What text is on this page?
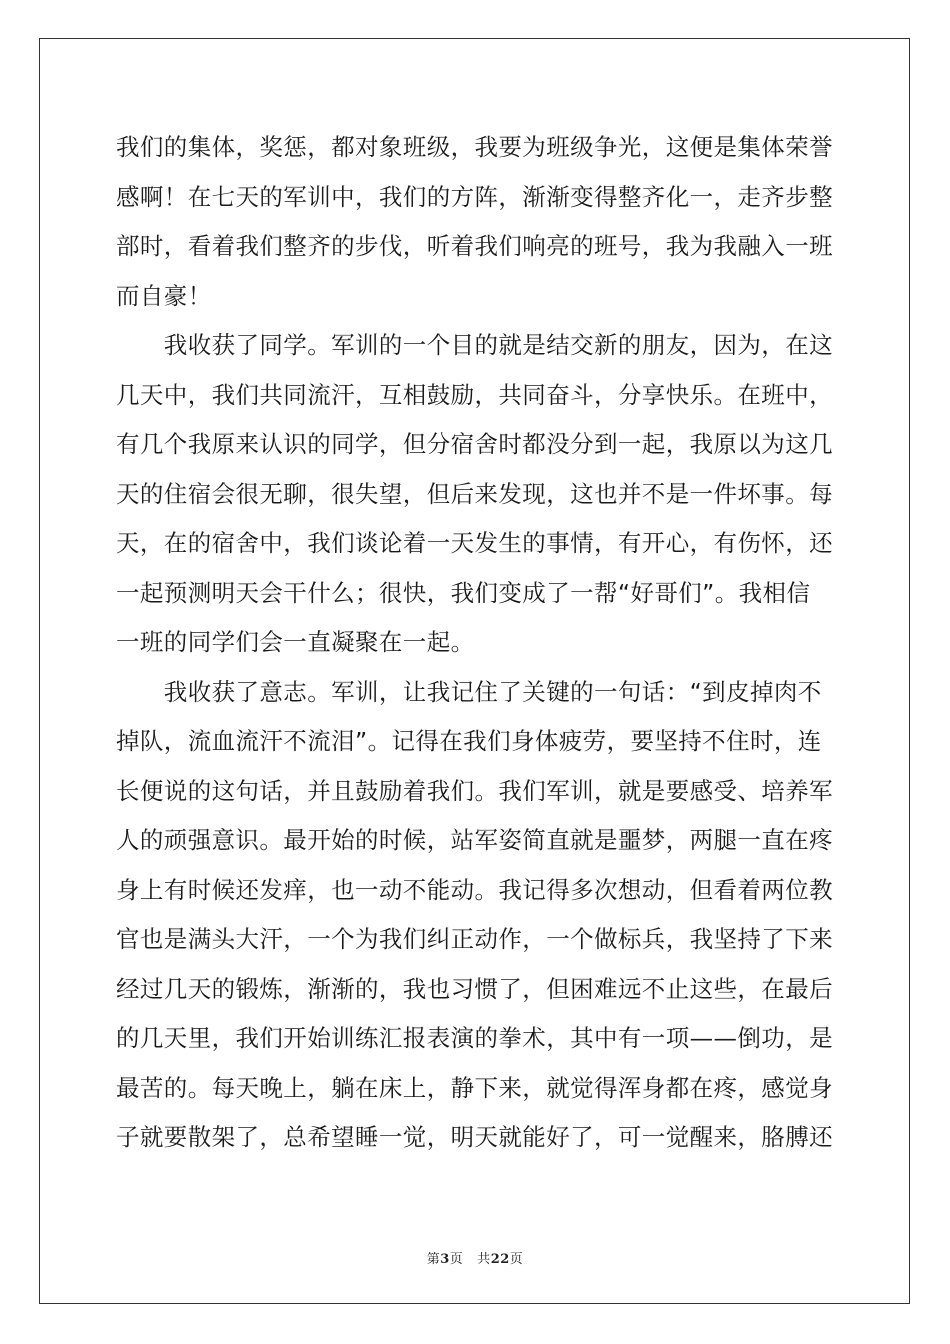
我们的集体，奖惩，都对象班级，我要为班级争光，这便是集体荣誉
感啊！在七天的军训中，我们的方阵，渐渐变得整齐化一，走齐步整
部时，看着我们整齐的步伐，听着我们响亮的班号，我为我融入一班
而自豪！
　　我收获了同学。军训的一个目的就是结交新的朋友，因为，在这
几天中，我们共同流汗，互相鼓励，共同奋斗，分享快乐。在班中，
有几个我原来认识的同学，但分宿舍时都没分到一起，我原以为这几
天的住宿会很无聊，很失望，但后来发现，这也并不是一件坏事。每
天，在的宿舍中，我们谈论着一天发生的事情，有开心，有伤怀，还
一起预测明天会干什么；很快，我们变成了一帮“好哥们”。我相信
一班的同学们会一直凝聚在一起。
　　我收获了意志。军训，让我记住了关键的一句话：“到皮掉肉不
掉队，流血流汗不流泪”。记得在我们身体疲劳，要坚持不住时，连
长便说的这句话，并且鼓励着我们。我们军训，就是要感受、培养军
人的顽强意识。最开始的时候，站军姿简直就是噩梦，两腿一直在疼
身上有时候还发痒，也一动不能动。我记得多次想动，但看着两位教
官也是满头大汗，一个为我们纠正动作，一个做标兵，我坚持了下来
经过几天的锻炼，渐渐的，我也习惯了，但困难远不止这些，在最后
的几天里，我们开始训练汇报表演的拳术，其中有一项——倒功，是
最苦的。每天晚上，躺在床上，静下来，就觉得浑身都在疼，感觉身
子就要散架了，总希望睡一觉，明天就能好了，可一觉醒来，胳膊还
第3页 共22页
